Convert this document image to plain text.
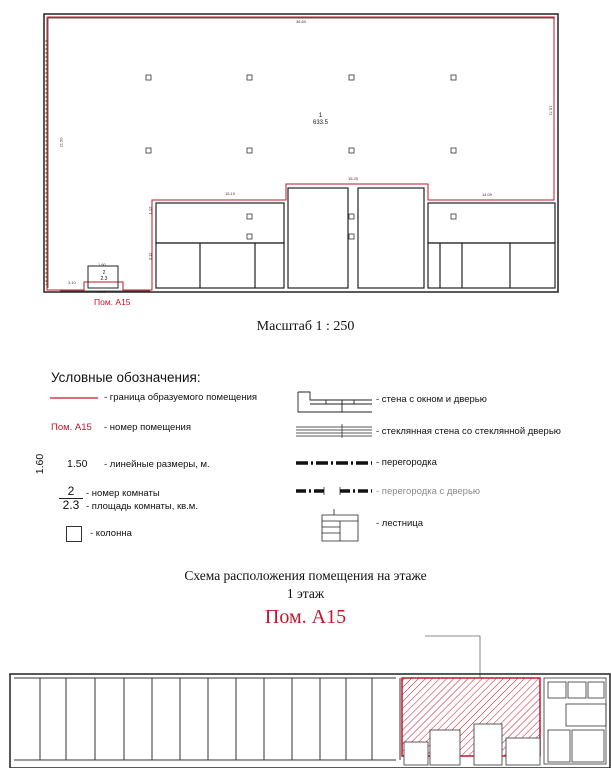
36.60
16.72
21.50
1
633.5
15.10
15.25
14.09
1.12
3.11
3.10
1.60
1.50
2
2.3
Пом. А15
Масштаб 1 : 250
Условные обозначения:
- граница образуемого помещения
Пом. А15 - номер помещения
1.60 1.50 - линейные размеры, м.
$\frac{2}{2.3}$ - номер комнаты
- площадь комнаты, кв.м.
- колонна
- стена с окном и дверью
- стеклянная стена со стеклянной дверью
- перегородка
- перегородка с дверью
- лестница
Схема расположения помещения на этаже
1 этаж
Пом. А15
